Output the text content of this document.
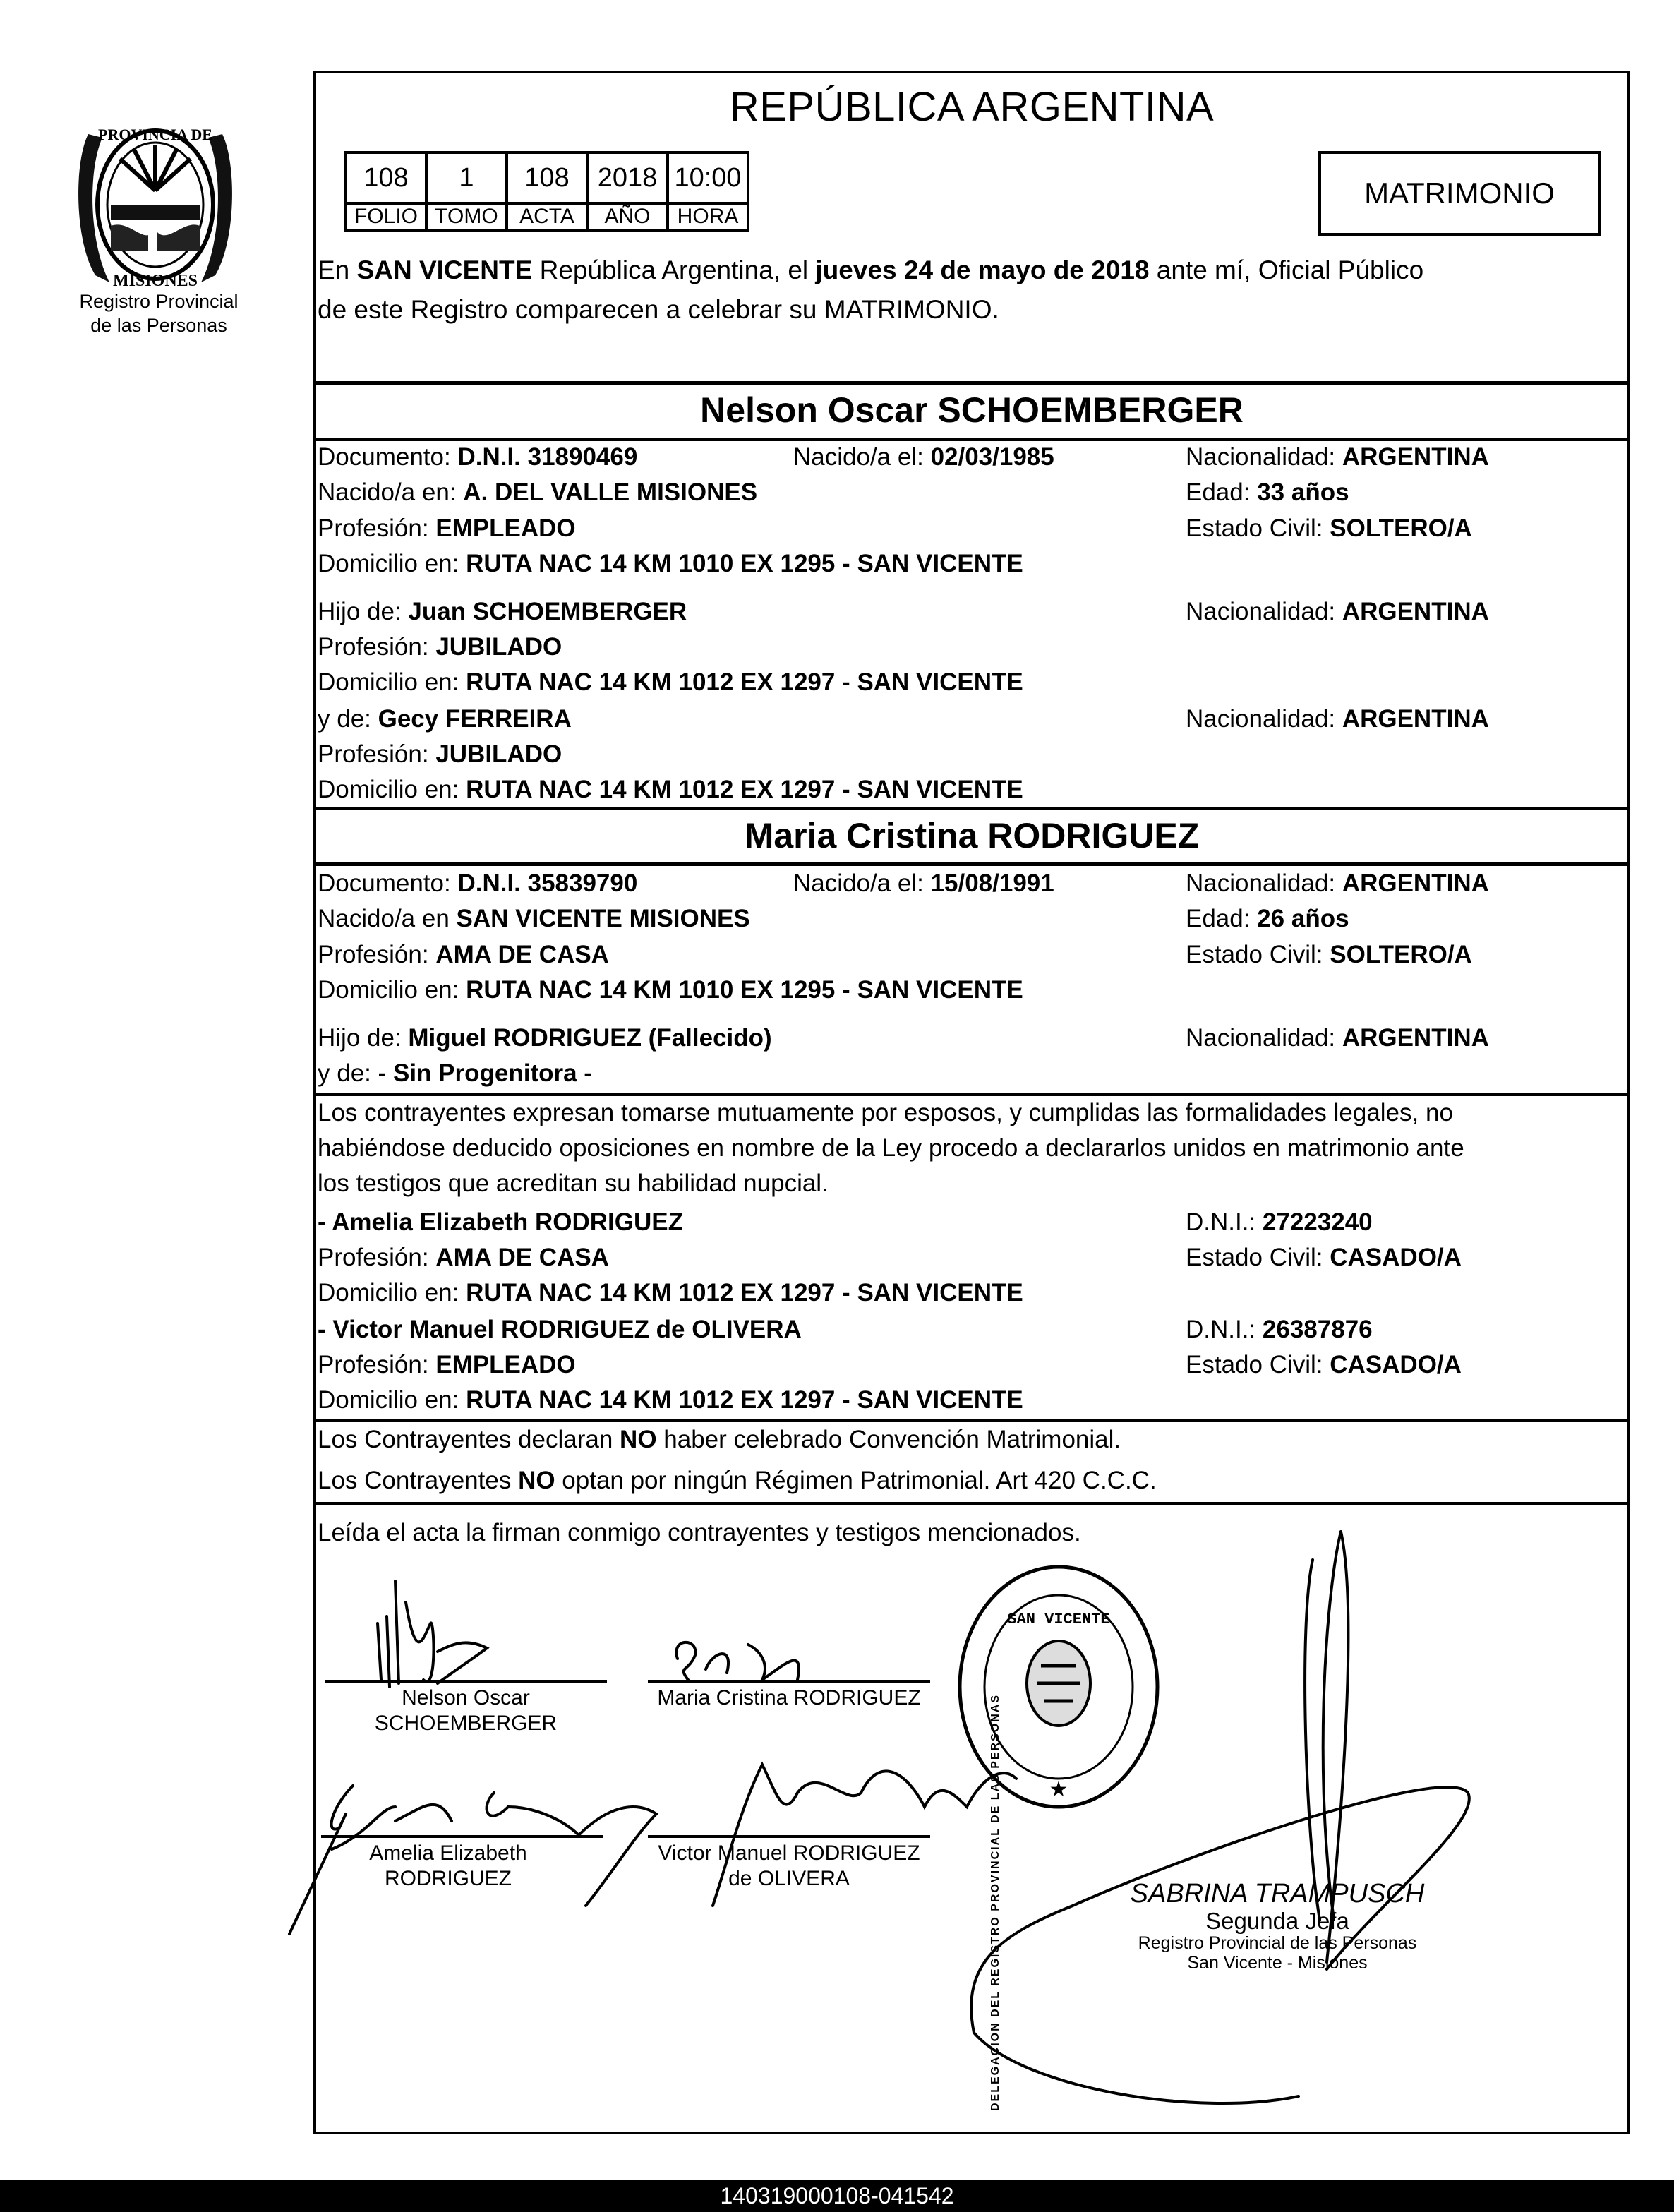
PROVINCIA DE
MISIONES
Registro Provincial
de las Personas
REPÚBLICA ARGENTINA
108	1	108	2018	10:00
FOLIO	TOMO	ACTA	AÑO	HORA
MATRIMONIO
En SAN VICENTE República Argentina, el jueves 24 de mayo de 2018 ante mí, Oficial Público
de este Registro comparecen a celebrar su MATRIMONIO.
Nelson Oscar SCHOEMBERGER
Documento: D.N.I. 31890469	Nacido/a el: 02/03/1985	Nacionalidad: ARGENTINA
Nacido/a en: A. DEL VALLE MISIONES	Edad: 33 años
Profesión: EMPLEADO	Estado Civil: SOLTERO/A
Domicilio en: RUTA NAC 14 KM 1010 EX 1295 - SAN VICENTE
Hijo de: Juan SCHOEMBERGER	Nacionalidad: ARGENTINA
Profesión: JUBILADO
Domicilio en: RUTA NAC 14 KM 1012 EX 1297 - SAN VICENTE
y de: Gecy FERREIRA	Nacionalidad: ARGENTINA
Profesión: JUBILADO
Domicilio en: RUTA NAC 14 KM 1012 EX 1297 - SAN VICENTE
Maria Cristina RODRIGUEZ
Documento: D.N.I. 35839790	Nacido/a el: 15/08/1991	Nacionalidad: ARGENTINA
Nacido/a en SAN VICENTE MISIONES	Edad: 26 años
Profesión: AMA DE CASA	Estado Civil: SOLTERO/A
Domicilio en: RUTA NAC 14 KM 1010 EX 1295 - SAN VICENTE
Hijo de: Miguel RODRIGUEZ (Fallecido)	Nacionalidad: ARGENTINA
y de: - Sin Progenitora -
Los contrayentes expresan tomarse mutuamente por esposos, y cumplidas las formalidades legales, no
habiéndose deducido oposiciones en nombre de la Ley procedo a declararlos unidos en matrimonio ante
los testigos que acreditan su habilidad nupcial.
- Amelia Elizabeth RODRIGUEZ	D.N.I.: 27223240
Profesión: AMA DE CASA	Estado Civil: CASADO/A
Domicilio en: RUTA NAC 14 KM 1012 EX 1297 - SAN VICENTE
- Victor Manuel RODRIGUEZ de OLIVERA	D.N.I.: 26387876
Profesión: EMPLEADO	Estado Civil: CASADO/A
Domicilio en: RUTA NAC 14 KM 1012 EX 1297 - SAN VICENTE
Los Contrayentes declaran NO haber celebrado Convención Matrimonial.
Los Contrayentes NO optan por ningún Régimen Patrimonial. Art 420 C.C.C.
Leída el acta la firman conmigo contrayentes y testigos mencionados.
Nelson Oscar
SCHOEMBERGER
Maria Cristina RODRIGUEZ
Amelia Elizabeth
RODRIGUEZ
Victor Manuel RODRIGUEZ
de OLIVERA
SAN VICENTE
★
DELEGACION DEL REGISTRO PROVINCIAL DE LAS PERSONAS	SABRINA TRAMPUSCH
Segunda Jefa
Registro Provincial de las Personas
San Vicente - Misiones
140319000108-041542
